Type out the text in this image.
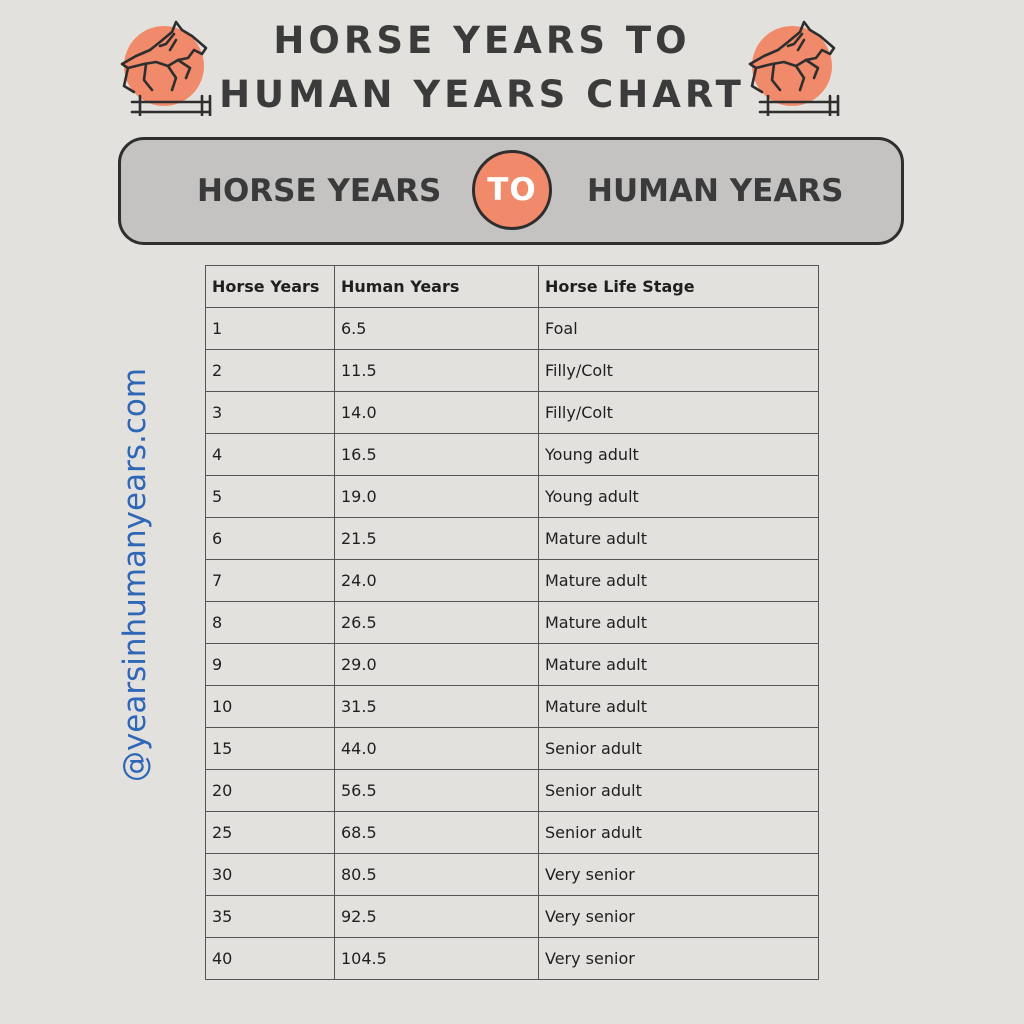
HORSE YEARS TO
HUMAN YEARS CHART
HORSE YEARS	TO	HUMAN YEARS
@yearsinhumanyears.com
Horse Years	Human Years	Horse Life Stage
1	6.5	Foal
2	11.5	Filly/Colt
3	14.0	Filly/Colt
4	16.5	Young adult
5	19.0	Young adult
6	21.5	Mature adult
7	24.0	Mature adult
8	26.5	Mature adult
9	29.0	Mature adult
10	31.5	Mature adult
15	44.0	Senior adult
20	56.5	Senior adult
25	68.5	Senior adult
30	80.5	Very senior
35	92.5	Very senior
40	104.5	Very senior
